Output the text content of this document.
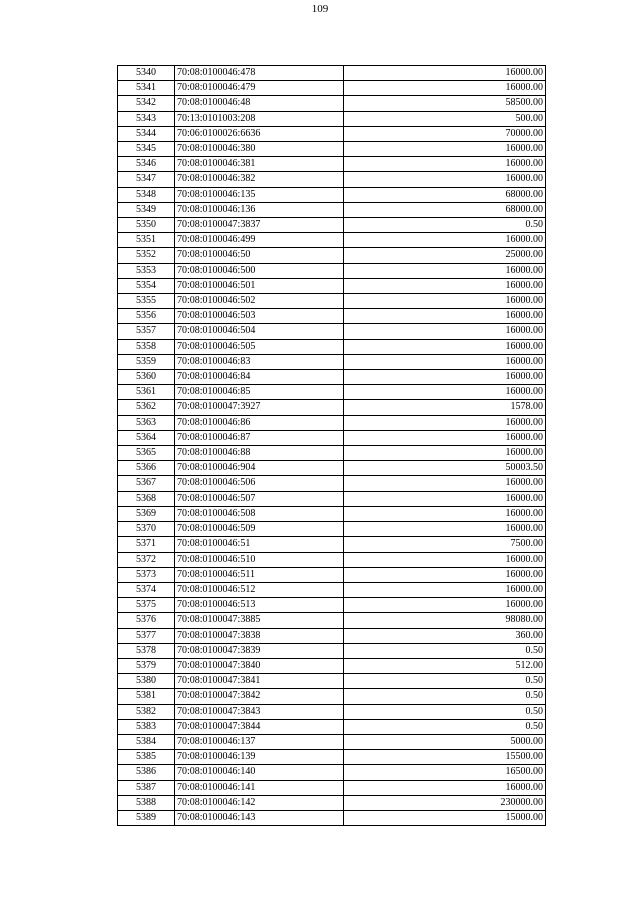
109
5340	70:08:0100046:478	16000.00
5341	70:08:0100046:479	16000.00
5342	70:08:0100046:48	58500.00
5343	70:13:0101003:208	500.00
5344	70:06:0100026:6636	70000.00
5345	70:08:0100046:380	16000.00
5346	70:08:0100046:381	16000.00
5347	70:08:0100046:382	16000.00
5348	70:08:0100046:135	68000.00
5349	70:08:0100046:136	68000.00
5350	70:08:0100047:3837	0.50
5351	70:08:0100046:499	16000.00
5352	70:08:0100046:50	25000.00
5353	70:08:0100046:500	16000.00
5354	70:08:0100046:501	16000.00
5355	70:08:0100046:502	16000.00
5356	70:08:0100046:503	16000.00
5357	70:08:0100046:504	16000.00
5358	70:08:0100046:505	16000.00
5359	70:08:0100046:83	16000.00
5360	70:08:0100046:84	16000.00
5361	70:08:0100046:85	16000.00
5362	70:08:0100047:3927	1578.00
5363	70:08:0100046:86	16000.00
5364	70:08:0100046:87	16000.00
5365	70:08:0100046:88	16000.00
5366	70:08:0100046:904	50003.50
5367	70:08:0100046:506	16000.00
5368	70:08:0100046:507	16000.00
5369	70:08:0100046:508	16000.00
5370	70:08:0100046:509	16000.00
5371	70:08:0100046:51	7500.00
5372	70:08:0100046:510	16000.00
5373	70:08:0100046:511	16000.00
5374	70:08:0100046:512	16000.00
5375	70:08:0100046:513	16000.00
5376	70:08:0100047:3885	98080.00
5377	70:08:0100047:3838	360.00
5378	70:08:0100047:3839	0.50
5379	70:08:0100047:3840	512.00
5380	70:08:0100047:3841	0.50
5381	70:08:0100047:3842	0.50
5382	70:08:0100047:3843	0.50
5383	70:08:0100047:3844	0.50
5384	70:08:0100046:137	5000.00
5385	70:08:0100046:139	15500.00
5386	70:08:0100046:140	16500.00
5387	70:08:0100046:141	16000.00
5388	70:08:0100046:142	230000.00
5389	70:08:0100046:143	15000.00
